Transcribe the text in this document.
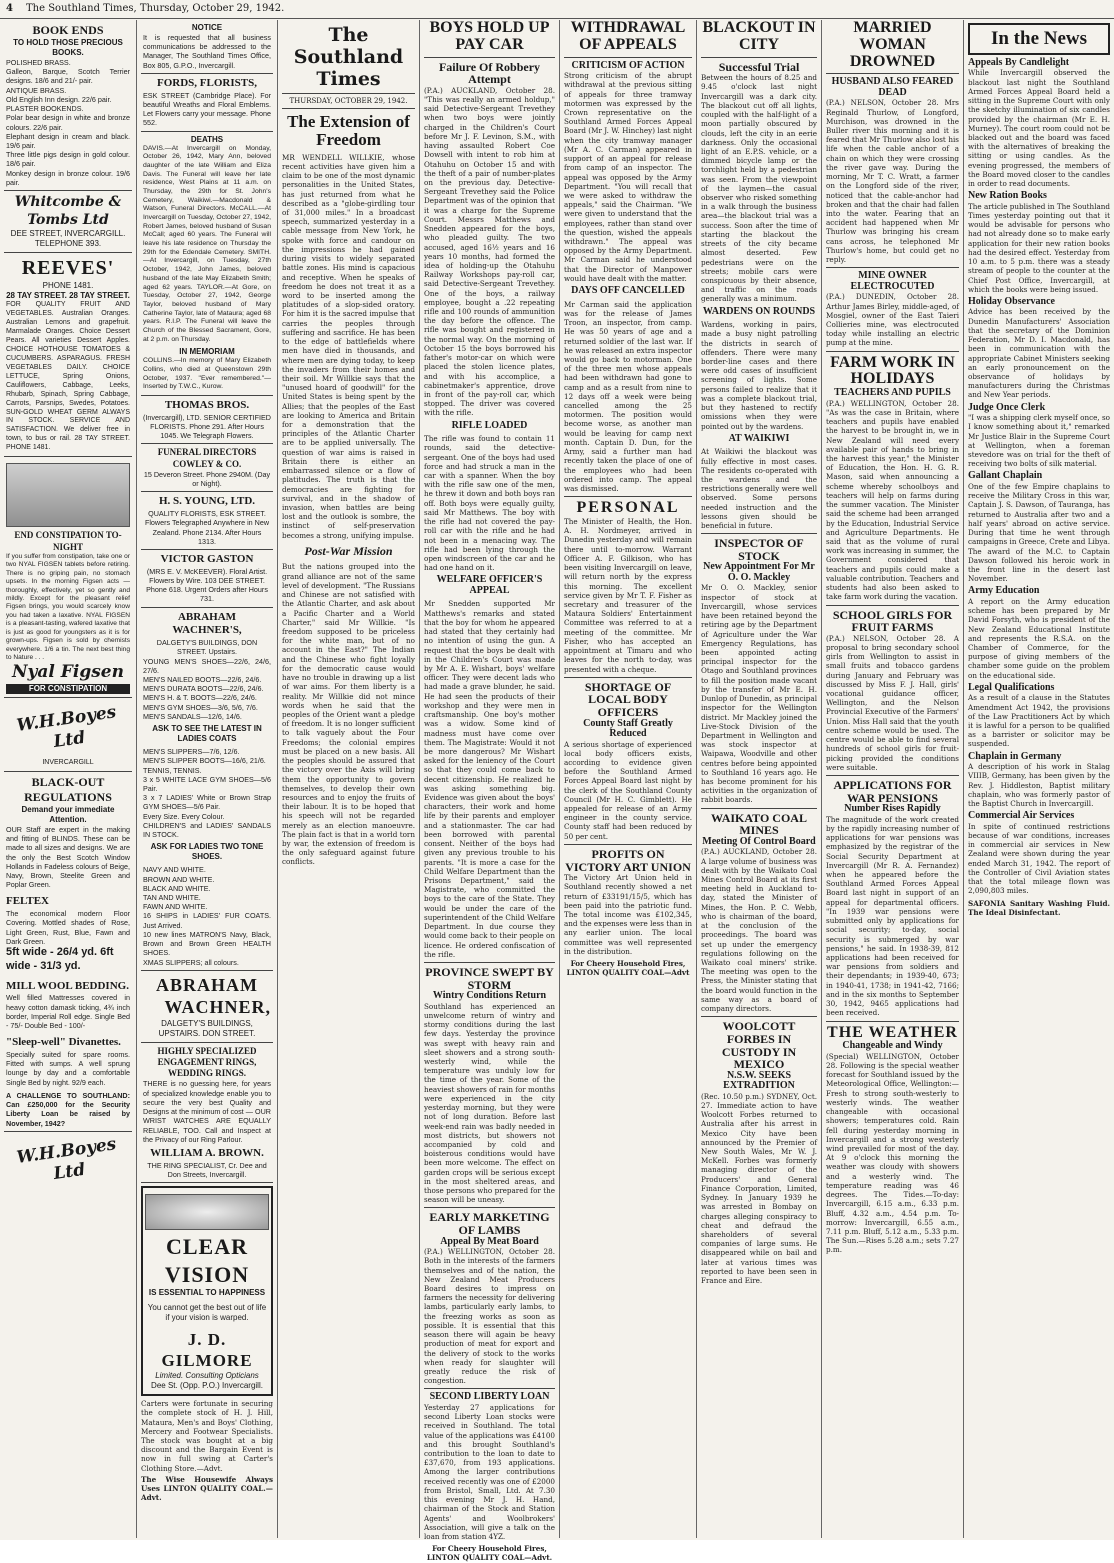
4 The Southland Times, Thursday, October 29, 1942.
BOOK ENDS
TO HOLD THOSE PRECIOUS BOOKS.
POLISHED BRASS.
Galleon, Barque, Scotch Terrier designs. 18/6 and 21/- pair.
ANTIQUE BRASS.
Old English Inn design. 22/6 pair.
PLASTER BOOKENDS.
Polar bear design in white and bronze colours. 22/6 pair.
Elephant design in cream and black. 19/6 pair.
Three little pigs design in gold colour. 18/6 pair.
Monkey design in bronze colour. 19/6 pair.
Whitcombe & Tombs Ltd
DEE STREET, INVERCARGILL.
TELEPHONE 393.
REEVES'
PHONE 1481.
28 TAY STREET. 28 TAY STREET.
FOR QUALITY FRUIT AND VEGETABLES. Australian Oranges. Australian Lemons and grapefruit. Marmalade Oranges. Choice Dessert Pears. All varieties Dessert Apples. CHOICE HOTHOUSE TOMATOES & CUCUMBERS. ASPARAGUS. FRESH VEGETABLES DAILY. CHOICE LETTUCE, Spring Onions, Cauliflowers, Cabbage, Leeks, Rhubarb, Spinach, Spring Cabbage, Carrots, Parsnips, Swedes, Potatoes. SUN-GOLD WHEAT GERM ALWAYS IN STOCK. SERVICE AND SATISFACTION. We deliver free in town, to bus or rail. 28 TAY STREET. PHONE 1481.
END CONSTIPATION TO-NIGHT
If you suffer from constipation, take one or two NYAL FIGSEN tablets before retiring. There is no griping pain, no stomach upsets. In the morning Figsen acts — thoroughly, effectively, yet so gently and mildly. Except for the pleasant relief Figsen brings, you would scarcely know you had taken a laxative. NYAL FIGSEN is a pleasant-tasting, wafered laxative that is just as good for youngsters as it is for grown-ups. Figsen is sold by chemists everywhere. 1/6 a tin. The next best thing to Nature . . .
Nyal Figsen
FOR CONSTIPATION
W.H.Boyes Ltd
INVERCARGILL
BLACK-OUT REGULATIONS
Demand your immediate Attention.
OUR Staff are expert in the making and fitting of BLINDS. These can be made to all sizes and designs. We are the only the Best Scotch Window Hollands in Fadeless colours of Beige, Navy, Brown, Steelite Green and Poplar Green.
FELTEX
The economical modern Floor Covering. Mottled shades of Rose, Light Green, Rust, Blue, Fawn and Dark Green.
5ft wide - 26/4 yd. 6ft wide - 31/3 yd.
MILL WOOL BEDDING.
Well filled Mattresses covered in heavy cotton damask ticking, 4¾ inch border, Imperial Roll edge. Single Bed - 75/- Double Bed - 100/-
"Sleep-well" Divanettes.
Specially suited for spare rooms. Fitted with sumps. A well sprung lounge by day and a comfortable Single Bed by night. 92/9 each.
A CHALLENGE TO SOUTHLAND: Can £250,000 for the Security Liberty Loan be raised by November, 1942?
W.H.Boyes Ltd
NOTICE
It is requested that all business communications be addressed to the Manager, The Southland Times Office, Box 805, G.P.O., Invercargill.
FORDS, FLORISTS,
ESK STREET (Cambridge Place). For beautiful Wreaths and Floral Emblems. Let Flowers carry your message. Phone 552.
DEATHS
DAVIS.—At Invercargill on Monday, October 26, 1942, Mary Ann, beloved daughter of the late William and Eliza Davis. The Funeral will leave her late residence, West Plains at 11 a.m. on Thursday, the 29th for St. John's Cemetery, Waikiwi.—Macdonald & Watson, Funeral Directors. McCALL.—At Invercargill on Tuesday, October 27, 1942, Robert James, beloved husband of Susan McCall; aged 60 years. The Funeral will leave his late residence on Thursday the 29th for the Edendale Cemetery. SMITH.—At Invercargill, on Tuesday, 27th October, 1942, John James, beloved husband of the late May Elizabeth Smith; aged 62 years. TAYLOR.—At Gore, on Tuesday, October 27, 1942, George Taylor, beloved husband of Mary Catherine Taylor, late of Mataura; aged 68 years. R.I.P. The Funeral will leave the Church of the Blessed Sacrament, Gore, at 2 p.m. on Thursday.
IN MEMORIAM
COLLINS.—In memory of Mary Elizabeth Collins, who died at Queenstown 29th October, 1937. "Ever remembered."—Inserted by T.W.C., Kurow.
THOMAS BROS.
(Invercargill), LTD. SENIOR CERTIFIED FLORISTS. Phone 291. After Hours 1045. We Telegraph Flowers.
FUNERAL DIRECTORS COWLEY & CO.
15 Deveron Street. Phone 2940M. (Day or Night).
H. S. YOUNG, LTD.
QUALITY FLORISTS, ESK STREET. Flowers Telegraphed Anywhere in New Zealand. Phone 2134. After Hours 1313.
VICTOR GASTON
(MRS E. V. McKEEVER). Floral Artist. Flowers by Wire. 103 DEE STREET. Phone 618. Urgent Orders after Hours 731.
ABRAHAM WACHNER'S,
DALGETY'S BUILDINGS, DON STREET. Upstairs.
YOUNG MEN'S SHOES—22/6, 24/6, 27/6.
MEN'S NAILED BOOTS—22/6, 24/6.
MEN'S DURATA BOOTS—22/6, 24/6.
MEN'S H. & T. BOOTS—22/6, 24/6.
MEN'S GYM SHOES—3/6, 5/6, 7/6.
MEN'S SANDALS—12/6, 14/6.
ASK TO SEE THE LATEST IN LADIES COATS
MEN'S SLIPPERS—7/6, 12/6.
MEN'S SLIPPER BOOTS—16/6, 21/6.
TENNIS, TENNIS.
3 x 5 WHITE LACE GYM SHOES—5/6 Pair.
3 x 7 LADIES' White or Brown Strap GYM SHOES—5/6 Pair.
Every Size. Every Colour.
CHILDREN'S and LADIES' SANDALS IN STOCK.
ASK FOR LADIES TWO TONE SHOES.
NAVY AND WHITE.
BROWN AND WHITE.
BLACK AND WHITE.
TAN AND WHITE.
FAWN AND WHITE.
16 SHIPS in LADIES' FUR COATS. Just Arrived.
10 new lines MATRON'S Navy, Black, Brown and Brown Green HEALTH SHOES.
XMAS SLIPPERS; all colours.
ABRAHAM
WACHNER,
DALGETY'S BUILDINGS, UPSTAIRS. DON STREET.
HIGHLY SPECIALIZED ENGAGEMENT RINGS, WEDDING RINGS.
THERE is no guessing here, for years of specialized knowledge enable you to secure the very best Quality and Designs at the minimum of cost — OUR WRIST WATCHES ARE EQUALLY RELIABLE, TOO. Call and Inspect at the Privacy of our Ring Parlour.
WILLIAM A. BROWN.
THE RING SPECIALIST, Cr. Dee and Don Streets, Invercargill.
CLEAR VISION
IS ESSENTIAL TO HAPPINESS
You cannot get the best out of life if your vision is warped.
J. D. GILMORE
Limited. Consulting Opticians
Dee St. (Opp. P.O.) Invercargill.
Carters were fortunate in securing the complete stock of H. J. Hill, Mataura, Men's and Boys' Clothing, Mercery and Footwear Specialists. The stock was bought at a big discount and the Bargain Event is now in full swing at Carter's Clothing Store.—Advt.
The Wise Housewife Always Uses LINTON QUALITY COAL.—Advt.
The Southland Times
THURSDAY, OCTOBER 29, 1942.
The Extension of Freedom
MR WENDELL WILLKIE, whose recent activities have given him a claim to be one of the most dynamic personalities in the United States, has just returned from what he described as a "globe-girdling tour of 31,000 miles." In a broadcast speech, summarized yesterday in a cable message from New York, he spoke with force and candour on the impressions he had gained during visits to widely separated battle zones. His mind is capacious and receptive. When he speaks of freedom he does not treat it as a word to be inserted among the platitudes of a slop-sided oratory. For him it is the sacred impulse that carries the peoples through suffering and sacrifice. He has been to the edge of battlefields where men have died in thousands, and where men are dying today, to keep the invaders from their homes and their soil. Mr Willkie says that the "unused hoard of goodwill" for the United States is being spent by the Allies; that the peoples of the East are looking to America and Britain for a demonstration that the principles of the Atlantic Charter are to be applied universally. The question of war aims is raised in Britain there is either an embarrassed silence or a flow of platitudes. The truth is that the democracies are fighting for survival, and in the shadow of invasion, when battles are being lost and the outlook is sombre, the instinct of self-preservation becomes a strong, unifying impulse.
Post-War Mission
But the nations grouped into the grand alliance are not of the same level of development. "The Russians and Chinese are not satisfied with the Atlantic Charter, and ask about a Pacific Charter and a World Charter," said Mr Willkie. "Is freedom supposed to be priceless for the white man, but of no account in the East?" The Indian and the Chinese who fight loyally for the democratic cause would have no trouble in drawing up a list of war aims. For them liberty is a reality. Mr Willkie did not mince words when he said that the peoples of the Orient want a pledge of freedom. It is no longer sufficient to talk vaguely about the Four Freedoms; the colonial empires must be placed on a new basis. All the peoples should be assured that the victory over the Axis will bring them the opportunity to govern themselves, to develop their own resources and to enjoy the fruits of their labour. It is to be hoped that his speech will not be regarded merely as an election manoeuvre. The plain fact is that in a world torn by war, the extension of freedom is the only safeguard against future conflicts.
BOYS HOLD UP PAY CAR
Failure Of Robbery Attempt
(P.A.) AUCKLAND, October 28. "This was really an armed holdup," said Detective-Sergeant Trevethey when two boys were jointly charged in the Children's Court before Mr J. F. Levinon, S.M., with having assaulted Robert Coe Dowsell with intent to rob him at Otahuhu on October 15 and with the theft of a pair of number-plates on the previous day. Detective-Sergeant Trevethey said the Police Department was of the opinion that it was a charge for the Supreme Court. Messrs Matthews and Snedden appeared for the boys, who pleaded guilty. The two accused, aged 16½ years and 16 years 10 months, had formed the idea of holding-up the Otahuhu Railway Workshops pay-roll car, said Detective-Sergeant Trevethey. One of the boys, a railway employee, bought a .22 repeating rifle and 100 rounds of ammunition the day before the offence. The rifle was bought and registered in the normal way. On the morning of October 15 the boys borrowed his father's motor-car on which were placed the stolen licence plates, and with his accomplice, a cabinetmaker's apprentice, drove in front of the pay-roll car, which stopped. The driver was covered with the rifle.
RIFLE LOADED
The rifle was found to contain 11 rounds, said the detective-sergeant. One of the boys had used force and had struck a man in the car with a spanner. When the boy with the rifle saw one of the men, he threw it down and both boys ran off. Both boys were equally guilty, said Mr Matthews. The boy with the rifle had not covered the pay-roll car with the rifle and he had not been in a menacing way. The rifle had been lying through the open windscreen of the car and he had one hand on it.
WELFARE OFFICER'S APPEAL
Mr Snedden supported Mr Matthews's remarks and stated that the boy for whom he appeared had stated that they certainly had no intention of using the gun. A request that the boys be dealt with in the Children's Court was made by Mr A. E. Wishart, boys' welfare officer. They were decent lads who had made a grave blunder, he said. He had seen the products of their workshop and they were men in craftsmanship. One boy's mother was a widow. Some kind of madness must have come over them. The Magistrate: Would it not be more dangerous? Mr Wishart asked for the leniency of the Court so that they could come back to decent citizenship. He realized he was asking something big. Evidence was given about the boys' characters, their work and home life by their parents and employer and a stationmaster. The car had been borrowed with parental consent. Neither of the boys had given any previous trouble to his parents. "It is more a case for the Child Welfare Department than the Prisons Department," said the Magistrate, who committed the boys to the care of the State. They would be under the care of the superintendent of the Child Welfare Department. In due course they would come back to their people on licence. He ordered confiscation of the rifle.
PROVINCE SWEPT BY STORM
Wintry Conditions Return
Southland has experienced an unwelcome return of wintry and stormy conditions during the last few days. Yesterday the province was swept with heavy rain and sleet showers and a strong south-westerly wind, while the temperature was unduly low for the time of the year. Some of the heaviest showers of rain for months were experienced in the city yesterday morning, but they were not of long duration. Before last week-end rain was badly needed in most districts, but showers not accompanied by cold and boisterous conditions would have been more welcome. The effect on garden crops will be serious except in the most sheltered areas, and those persons who prepared for the season will be uneasy.
EARLY MARKETING OF LAMBS
Appeal By Meat Board
(P.A.) WELLINGTON, October 28. Both in the interests of the farmers themselves and of the nation, the New Zealand Meat Producers Board desires to impress on farmers the necessity for delivering lambs, particularly early lambs, to the freezing works as soon as possible. It is essential that this season there will again be heavy production of meat for export and the delivery of stock to the works when ready for slaughter will greatly reduce the risk of congestion.
SECOND LIBERTY LOAN
Yesterday 27 applications for second Liberty Loan stocks were received in Southland. The total value of the applications was £4100 and this brought Southland's contribution to the loan to date to £37,670, from 193 applications. Among the larger contributions received recently was one of £2000 from Bristol, Small, Ltd. At 7.30 this evening Mr J. H. Hand, chairman of the Stock and Station Agents' and Woolbrokers' Association, will give a talk on the loan from station 4YZ.
For Cheery Household Fires, LINTON QUALITY COAL—Advt.
WITHDRAWAL OF APPEALS
CRITICISM OF ACTION
Strong criticism of the abrupt withdrawal at the previous sitting of appeals for three tramway motormen was expressed by the Crown representative on the Southland Armed Forces Appeal Board (Mr J. W. Hinchey) last night when the city tramway manager (Mr A. C. Carman) appeared in support of an appeal for release from camp of an inspector. The appeal was opposed by the Army Department. "You will recall that we were asked to withdraw the appeals," said the Chairman. "We were given to understand that the employees, rather than stand over the question, wished the appeals withdrawn." The appeal was opposed by the Army Department. Mr Carman said he understood that the Director of Manpower would have dealt with the matter.
DAYS OFF CANCELLED
Mr Carman said the application was for the release of James Troon, an inspector, from camp. He was 50 years of age and a returned soldier of the last war. If he was released an extra inspector would go back to motorman. One of the three men whose appeals had been withdrawn had gone to camp and as a result from nine to 12 days off a week were being cancelled among the 25 motormen. The position would become worse, as another man would be leaving for camp next month. Captain D. Dun, for the Army, said a further man had recently taken the place of one of the employees who had been ordered into camp. The appeal was dismissed.
PERSONAL
The Minister of Health, the Hon. A. H. Nordmeyer, arrived in Dunedin yesterday and will remain there until to-morrow. Warrant Officer A. F. Gilkison, who has been visiting Invercargill on leave, will return north by the express this morning. The excellent service given by Mr T. F. Fisher as secretary and treasurer of the Mataura Soldiers' Entertainment Committee was referred to at a meeting of the committee. Mr Fisher, who has accepted an appointment at Timaru and who leaves for the north to-day, was presented with a cheque.
SHORTAGE OF LOCAL BODY OFFICERS
County Staff Greatly Reduced
A serious shortage of experienced local body officers exists, according to evidence given before the Southland Armed Forces Appeal Board last night by the clerk of the Southland County Council (Mr H. C. Gimblett). He appealed for release of an Army engineer in the county service. County staff had been reduced by 50 per cent.
PROFITS ON VICTORY ART UNION
The Victory Art Union held in Southland recently showed a net return of £33191/15/5, which has been paid into the patriotic fund. The total income was £102,345, and the expenses were less than in any earlier union. The local committee was well represented in the distribution.
For Cheery Household Fires, LINTON QUALITY COAL—Advt
BLACKOUT IN CITY
Successful Trial
Between the hours of 8.25 and 9.45 o'clock last night Invercargill was a dark city. The blackout cut off all lights, coupled with the half-light of a moon partially obscured by clouds, left the city in an eerie darkness. Only the occasional light of an E.P.S. vehicle, or a dimmed bicycle lamp or the torchlight held by a pedestrian was seen. From the viewpoint of the laymen—the casual observer who risked something in a walk through the business area—the blackout trial was a success. Soon after the time of starting the blackout the streets of the city became almost deserted. Few pedestrians were on the streets; mobile cars were conspicuous by their absence, and traffic on the roads generally was a minimum.
WARDENS ON ROUNDS
Wardens, working in pairs, made a busy night patrolling the districts in search of offenders. There were many border-line cases and there were odd cases of insufficient screening of lights. Some persons failed to realize that it was a complete blackout trial, but they hastened to rectify omissions when they were pointed out by the wardens.
AT WAIKIWI
At Waikiwi the blackout was fully effective in most cases. The residents co-operated with the wardens and the restrictions generally were well observed. Some persons needed instruction and the lessons given should be beneficial in future.
INSPECTOR OF STOCK
New Appointment For Mr O. O. Mackley
Mr O. O. Mackley, senior inspector of stock at Invercargill, whose services have been retained beyond the retiring age by the Department of Agriculture under the War Emergency Regulations, has been appointed acting principal inspector for the Otago and Southland provinces to fill the position made vacant by the transfer of Mr E. H. Dunlop of Dunedin, as principal inspector for the Wellington district. Mr Mackley joined the Live-Stock Division of the Department in Wellington and was stock inspector at Waipawa, Woodville and other centres before being appointed to Southland 16 years ago. He has become prominent for his activities in the organization of rabbit boards.
WAIKATO COAL MINES
Meeting Of Control Board
(P.A.) AUCKLAND, October 28. A large volume of business was dealt with by the Waikato Coal Mines Control Board at its first meeting held in Auckland to-day, stated the Minister of Mines, the Hon. P. C. Webb, who is chairman of the board, at the conclusion of the proceedings. The board was set up under the emergency regulations following on the Waikato coal miners' strike. The meeting was open to the Press, the Minister stating that the board would function in the same way as a board of company directors.
WOOLCOTT FORBES IN CUSTODY IN MEXICO
N.S.W. SEEKS EXTRADITION
(Rec. 10.50 p.m.) SYDNEY, Oct. 27. Immediate action to have Woolcott Forbes returned to Australia after his arrest in Mexico City have been announced by the Premier of New South Wales, Mr W. J. McKell. Forbes was formerly managing director of the Producers' and General Finance Corporation, Limited, Sydney. In January 1939 he was arrested in Bombay on charges alleging conspiracy to cheat and defraud the shareholders of several companies of large sums. He disappeared while on bail and later at various times was reported to have been seen in France and Eire.
MARRIED WOMAN DROWNED
HUSBAND ALSO FEARED DEAD
(P.A.) NELSON, October 28. Mrs Reginald Thurlow, of Longford, Murchison, was drowned in the Buller river this morning and it is feared that Mr Thurlow also lost his life when the cable anchor of a chain on which they were crossing the river gave way. During the morning, Mr T. C. Wratt, a farmer on the Longford side of the river, noticed that the cable-anchor had broken and that the chair had fallen into the water. Fearing that an accident had happened when Mr Thurlow was bringing his cream cans across, he telephoned Mr Thurlow's home, but could get no reply.
MINE OWNER ELECTROCUTED
(P.A.) DUNEDIN, October 28. Arthur James Birley, middle-aged, of Mosgiel, owner of the East Taieri Collieries mine, was electrocuted today while installing an electric pump at the mine.
FARM WORK IN HOLIDAYS
TEACHERS AND PUPILS
(P.A.) WELLINGTON, October 28. "As was the case in Britain, where teachers and pupils have enabled the harvest to be brought in, we in New Zealand will need every available pair of hands to bring in the harvest this year," the Minister of Education, the Hon. H. G. R. Mason, said when announcing a scheme whereby schoolboys and teachers will help on farms during the summer vacation. The Minister said the scheme had been arranged by the Education, Industrial Service and Agriculture Departments. He said that as the volume of rural work was increasing in summer, the Government considered that teachers and pupils could make a valuable contribution. Teachers and students had also been asked to take farm work during the vacation.
SCHOOL GIRLS FOR FRUIT FARMS
(P.A.) NELSON, October 28. A proposal to bring secondary school girls from Wellington to assist in small fruits and tobacco gardens during January and February was discussed by Miss F. J. Hall, girls' vocational guidance officer, Wellington, and the Nelson Provincial Executive of the Farmers' Union. Miss Hall said that the youth centre scheme would be used. The centre would be able to find several hundreds of school girls for fruit-picking provided the conditions were suitable.
APPLICATIONS FOR WAR PENSIONS
Number Rises Rapidly
The magnitude of the work created by the rapidly increasing number of applications for war pensions was emphasized by the registrar of the Social Security Department at Invercargill (Mr R. A. Fernandez) when he appeared before the Southland Armed Forces Appeal Board last night in support of an appeal for departmental officers. "In 1939 war pensions were submitted only by applications for social security; to-day, social security is submerged by war pensions," he said. In 1938-39, 812 applications had been received for war pensions from soldiers and their dependants; in 1939-40, 673; in 1940-41, 1738; in 1941-42, 7166; and in the six months to September 30, 1942, 9465 applications had been received.
THE WEATHER
Changeable and Windy
(Special) WELLINGTON, October 28. Following is the special weather forecast for Southland issued by the Meteorological Office, Wellington:— Fresh to strong south-westerly to westerly winds. The weather changeable with occasional showers; temperatures cold. Rain fell during yesterday morning in Invercargill and a strong westerly wind prevailed for most of the day. At 9 o'clock this morning the weather was cloudy with showers and a westerly wind. The temperature reading was 46 degrees. The Tides.—To-day: Invercargill, 6.15 a.m., 6.33 p.m. Bluff, 4.32 a.m., 4.54 p.m. To-morrow: Invercargill, 6.55 a.m., 7.11 p.m. Bluff, 5.12 a.m., 5.33 p.m. The Sun.—Rises 5.28 a.m.; sets 7.27 p.m.
In the News
Appeals By Candlelight
While Invercargill observed the blackout last night the Southland Armed Forces Appeal Board held a sitting in the Supreme Court with only the sketchy illumination of six candles provided by the chairman (Mr E. H. Murney). The court room could not be blacked out and the board was faced with the alternatives of breaking the sitting or using candles. As the evening progressed, the members of the Board moved closer to the candles in order to read documents.
New Ration Books
The article published in The Southland Times yesterday pointing out that it would be advisable for persons who had not already done so to make early application for their new ration books had the desired effect. Yesterday from 10 a.m. to 5 p.m. there was a steady stream of people to the counter at the Chief Post Office, Invercargill, at which the books were being issued.
Holiday Observance
Advice has been received by the Dunedin Manufacturers' Association that the secretary of the Dominion Federation, Mr D. I. Macdonald, has been in communication with the appropriate Cabinet Ministers seeking an early pronouncement on the observance of holidays by manufacturers during the Christmas and New Year periods.
Judge Once Clerk
"I was a shipping clerk myself once, so I know something about it," remarked Mr Justice Blair in the Supreme Court at Wellington, when a foreman stevedore was on trial for the theft of receiving two bolts of silk material.
Gallant Chaplain
One of the few Empire chaplains to receive the Military Cross in this war, Captain J. S. Dawson, of Tauranga, has returned to Australia after two and a half years' abroad on active service. During that time he went through campaigns in Greece, Crete and Libya. The award of the M.C. to Captain Dawson followed his heroic work in the front line in the desert last November.
Army Education
A report on the Army education scheme has been prepared by Mr David Forsyth, who is president of the New Zealand Educational Institute and represents the R.S.A. on the Chamber of Commerce, for the purpose of giving members of the chamber some guide on the problem on the educational side.
Legal Qualifications
As a result of a clause in the Statutes Amendment Act 1942, the provisions of the Law Practitioners Act by which it is lawful for a person to be qualified as a barrister or solicitor may be suspended.
Chaplain in Germany
A description of his work in Stalag VIIIB, Germany, has been given by the Rev. J. Hiddleston, Baptist military chaplain, who was formerly pastor of the Baptist Church in Invercargill.
Commercial Air Services
In spite of continued restrictions because of war conditions, increases in commercial air services in New Zealand were shown during the year ended March 31, 1942. The report of the Controller of Civil Aviation states that the total mileage flown was 2,090,803 miles.
SAFONIA Sanitary Washing Fluid. The Ideal Disinfectant.
